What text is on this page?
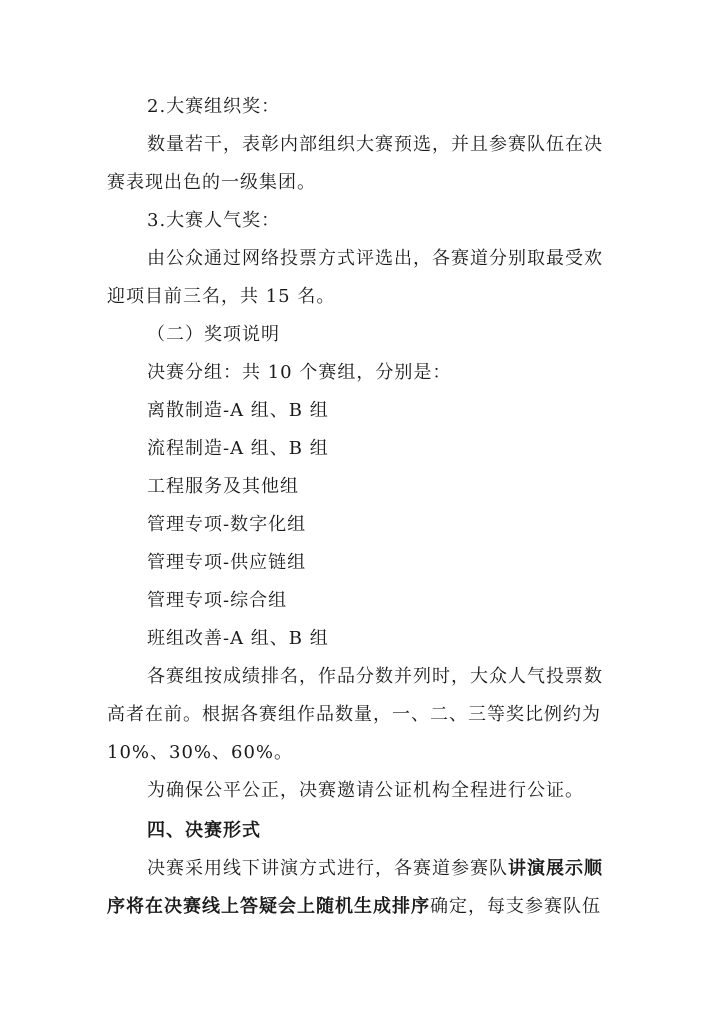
2.大赛组织奖：
数量若干，表彰内部组织大赛预选，并且参赛队伍在决
赛表现出色的一级集团。
3.大赛人气奖：
由公众通过网络投票方式评选出，各赛道分别取最受欢
迎项目前三名，共 15 名。
（二）奖项说明
决赛分组：共 10 个赛组，分别是：
离散制造-A 组、B 组
流程制造-A 组、B 组
工程服务及其他组
管理专项-数字化组
管理专项-供应链组
管理专项-综合组
班组改善-A 组、B 组
各赛组按成绩排名，作品分数并列时，大众人气投票数
高者在前。根据各赛组作品数量，一、二、三等奖比例约为
10%、30%、60%。
为确保公平公正，决赛邀请公证机构全程进行公证。
四、决赛形式
决赛采用线下讲演方式进行，各赛道参赛队讲演展示顺
序将在决赛线上答疑会上随机生成排序确定，每支参赛队伍
